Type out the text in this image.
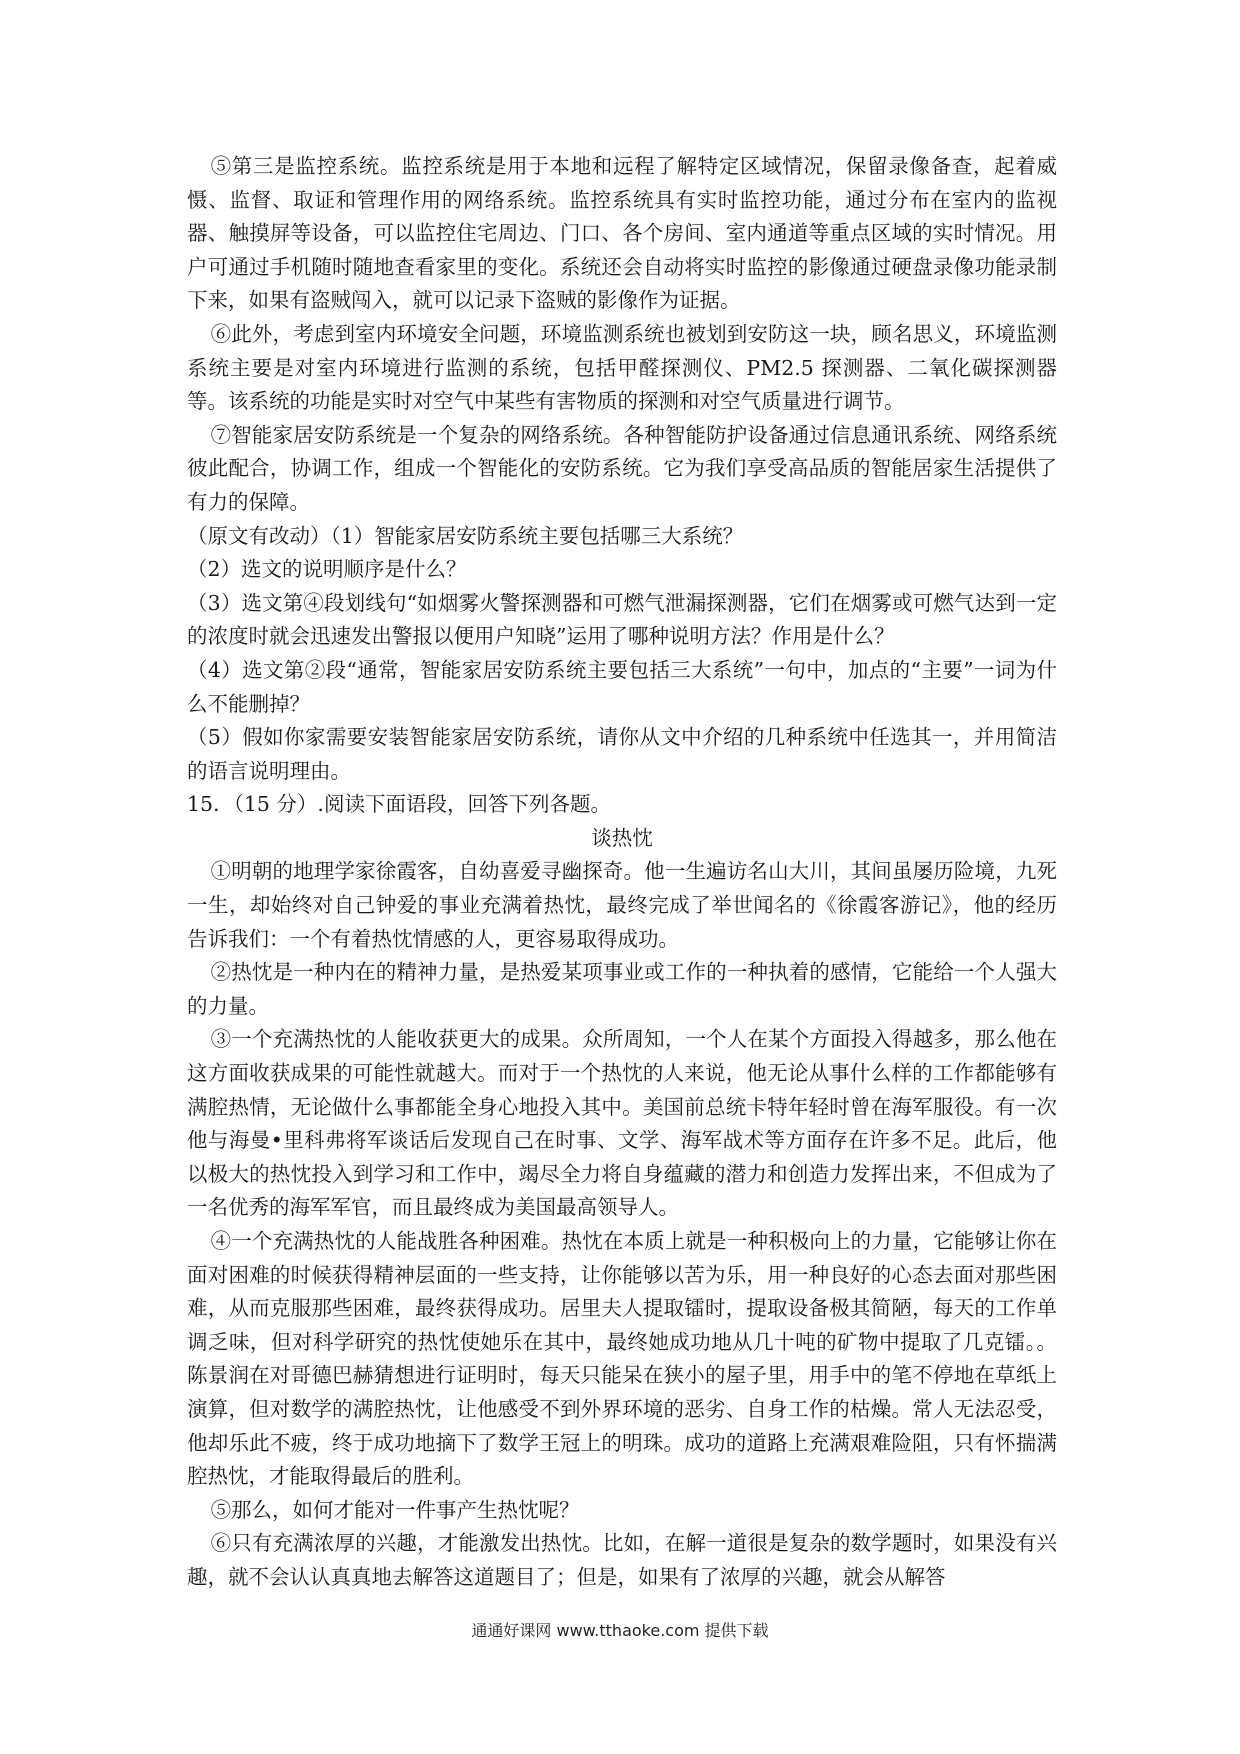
⑤第三是监控系统。监控系统是用于本地和远程了解特定区域情况，保留录像备查，起着威慑、监督、取证和管理作用的网络系统。监控系统具有实时监控功能，通过分布在室内的监视器、触摸屏等设备，可以监控住宅周边、门口、各个房间、室内通道等重点区域的实时情况。用户可通过手机随时随地查看家里的变化。系统还会自动将实时监控的影像通过硬盘录像功能录制下来，如果有盗贼闯入，就可以记录下盗贼的影像作为证据。

⑥此外，考虑到室内环境安全问题，环境监测系统也被划到安防这一块，顾名思义，环境监测系统主要是对室内环境进行监测的系统，包括甲醛探测仪、PM2.5 探测器、二氧化碳探测器等。该系统的功能是实时对空气中某些有害物质的探测和对空气质量进行调节。

⑦智能家居安防系统是一个复杂的网络系统。各种智能防护设备通过信息通讯系统、网络系统彼此配合，协调工作，组成一个智能化的安防系统。它为我们享受高品质的智能居家生活提供了有力的保障。

（原文有改动）（1）智能家居安防系统主要包括哪三大系统？

（2）选文的说明顺序是什么？

（3）选文第④段划线句“如烟雾火警探测器和可燃气泄漏探测器，它们在烟雾或可燃气达到一定的浓度时就会迅速发出警报以便用户知晓”运用了哪种说明方法？作用是什么？

（4）选文第②段“通常，智能家居安防系统主要包括三大系统”一句中，加点的“主要”一词为什么不能删掉？

（5）假如你家需要安装智能家居安防系统，请你从文中介绍的几种系统中任选其一，并用简洁的语言说明理由。

15．（15 分）.阅读下面语段，回答下列各题。

谈热忱

①明朝的地理学家徐霞客，自幼喜爱寻幽探奇。他一生遍访名山大川，其间虽屡历险境，九死一生，却始终对自己钟爱的事业充满着热忱，最终完成了举世闻名的《徐霞客游记》，他的经历告诉我们：一个有着热忱情感的人，更容易取得成功。

②热忱是一种内在的精神力量，是热爱某项事业或工作的一种执着的感情，它能给一个人强大的力量。

③一个充满热忱的人能收获更大的成果。众所周知，一个人在某个方面投入得越多，那么他在这方面收获成果的可能性就越大。而对于一个热忱的人来说，他无论从事什么样的工作都能够有满腔热情，无论做什么事都能全身心地投入其中。美国前总统卡特年轻时曾在海军服役。有一次他与海曼•里科弗将军谈话后发现自己在时事、文学、海军战术等方面存在许多不足。此后，他以极大的热忱投入到学习和工作中，竭尽全力将自身蕴藏的潜力和创造力发挥出来，不但成为了一名优秀的海军军官，而且最终成为美国最高领导人。

④一个充满热忱的人能战胜各种困难。热忱在本质上就是一种积极向上的力量，它能够让你在面对困难的时候获得精神层面的一些支持，让你能够以苦为乐，用一种良好的心态去面对那些困难，从而克服那些困难，最终获得成功。居里夫人提取镭时，提取设备极其简陋，每天的工作单调乏味，但对科学研究的热忱使她乐在其中，最终她成功地从几十吨的矿物中提取了几克镭。。陈景润在对哥德巴赫猜想进行证明时，每天只能呆在狭小的屋子里，用手中的笔不停地在草纸上演算，但对数学的满腔热忱，让他感受不到外界环境的恶劣、自身工作的枯燥。常人无法忍受，他却乐此不疲，终于成功地摘下了数学王冠上的明珠。成功的道路上充满艰难险阻，只有怀揣满腔热忱，才能取得最后的胜利。

⑤那么，如何才能对一件事产生热忱呢？

⑥只有充满浓厚的兴趣，才能激发出热忱。比如，在解一道很是复杂的数学题时，如果没有兴趣，就不会认认真真地去解答这道题目了；但是，如果有了浓厚的兴趣，就会从解答

通通好课网 www.tthaoke.com 提供下载
